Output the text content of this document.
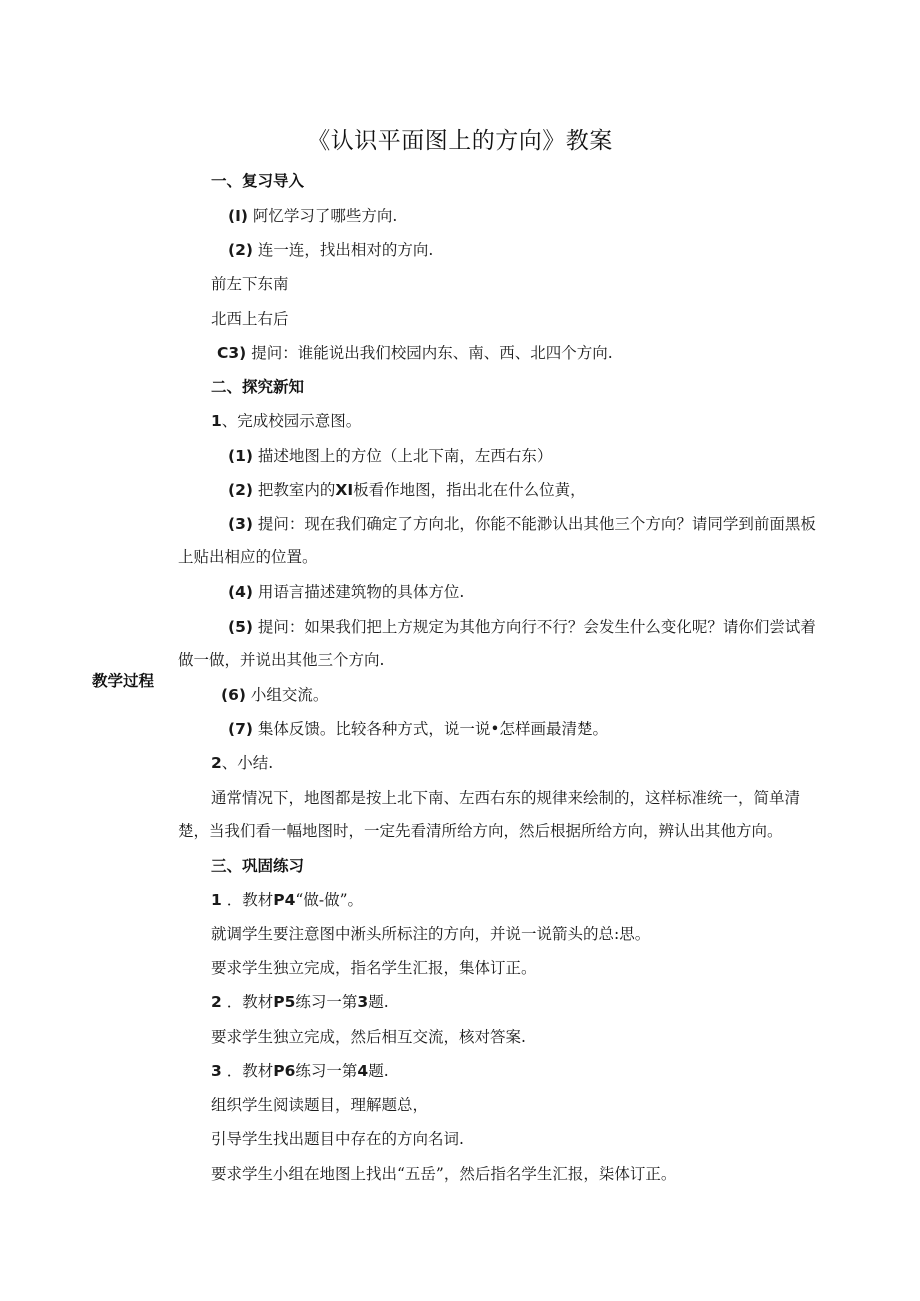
《认识平面图上的方向》教案
教学过程
一、复习导入
(I) 阿忆学习了哪些方向.
(2) 连一连，找出相对的方向.
前左下东南
北西上右后
C3) 提问：谁能说出我们校园内东、南、西、北四个方向.
二、探究新知
1、完成校园示意图。
(1) 描述地图上的方位（上北下南，左西右东）
(2) 把教室内的XI板看作地图，指出北在什么位黄，
(3) 提问：现在我们确定了方向北，你能不能渺认出其他三个方向？请同学到前面黑板
上贴出相应的位置。
(4) 用语言描述建筑物的具体方位.
(5) 提问：如果我们把上方规定为其他方向行不行？会发生什么变化呢？请你们尝试着
做一做，并说出其他三个方向.
(6) 小组交流。
(7) 集体反馈。比较各种方式，说一说•怎样画最清楚。
2、小结.
通常情况下，地图都是按上北下南、左西右东的规律来绘制的，这样标准统一，简单清
楚，当我们看一幅地图时，一定先看清所给方向，然后根据所给方向，辨认出其他方向。
三、巩固练习
1 ．教材P4“做-做”。
就调学生要注意图中淅头所标注的方向，并说一说箭头的总:思。
要求学生独立完成，指名学生汇报，集体订正。
2 ．教材P5练习一第3题.
要求学生独立完成，然后相互交流，核对答案.
3 ．教材P6练习一第4题.
组织学生阅读题目，理解题总，
引导学生找出题目中存在的方向名词.
要求学生小组在地图上找出“五岳”，然后指名学生汇报，柒体订正。
